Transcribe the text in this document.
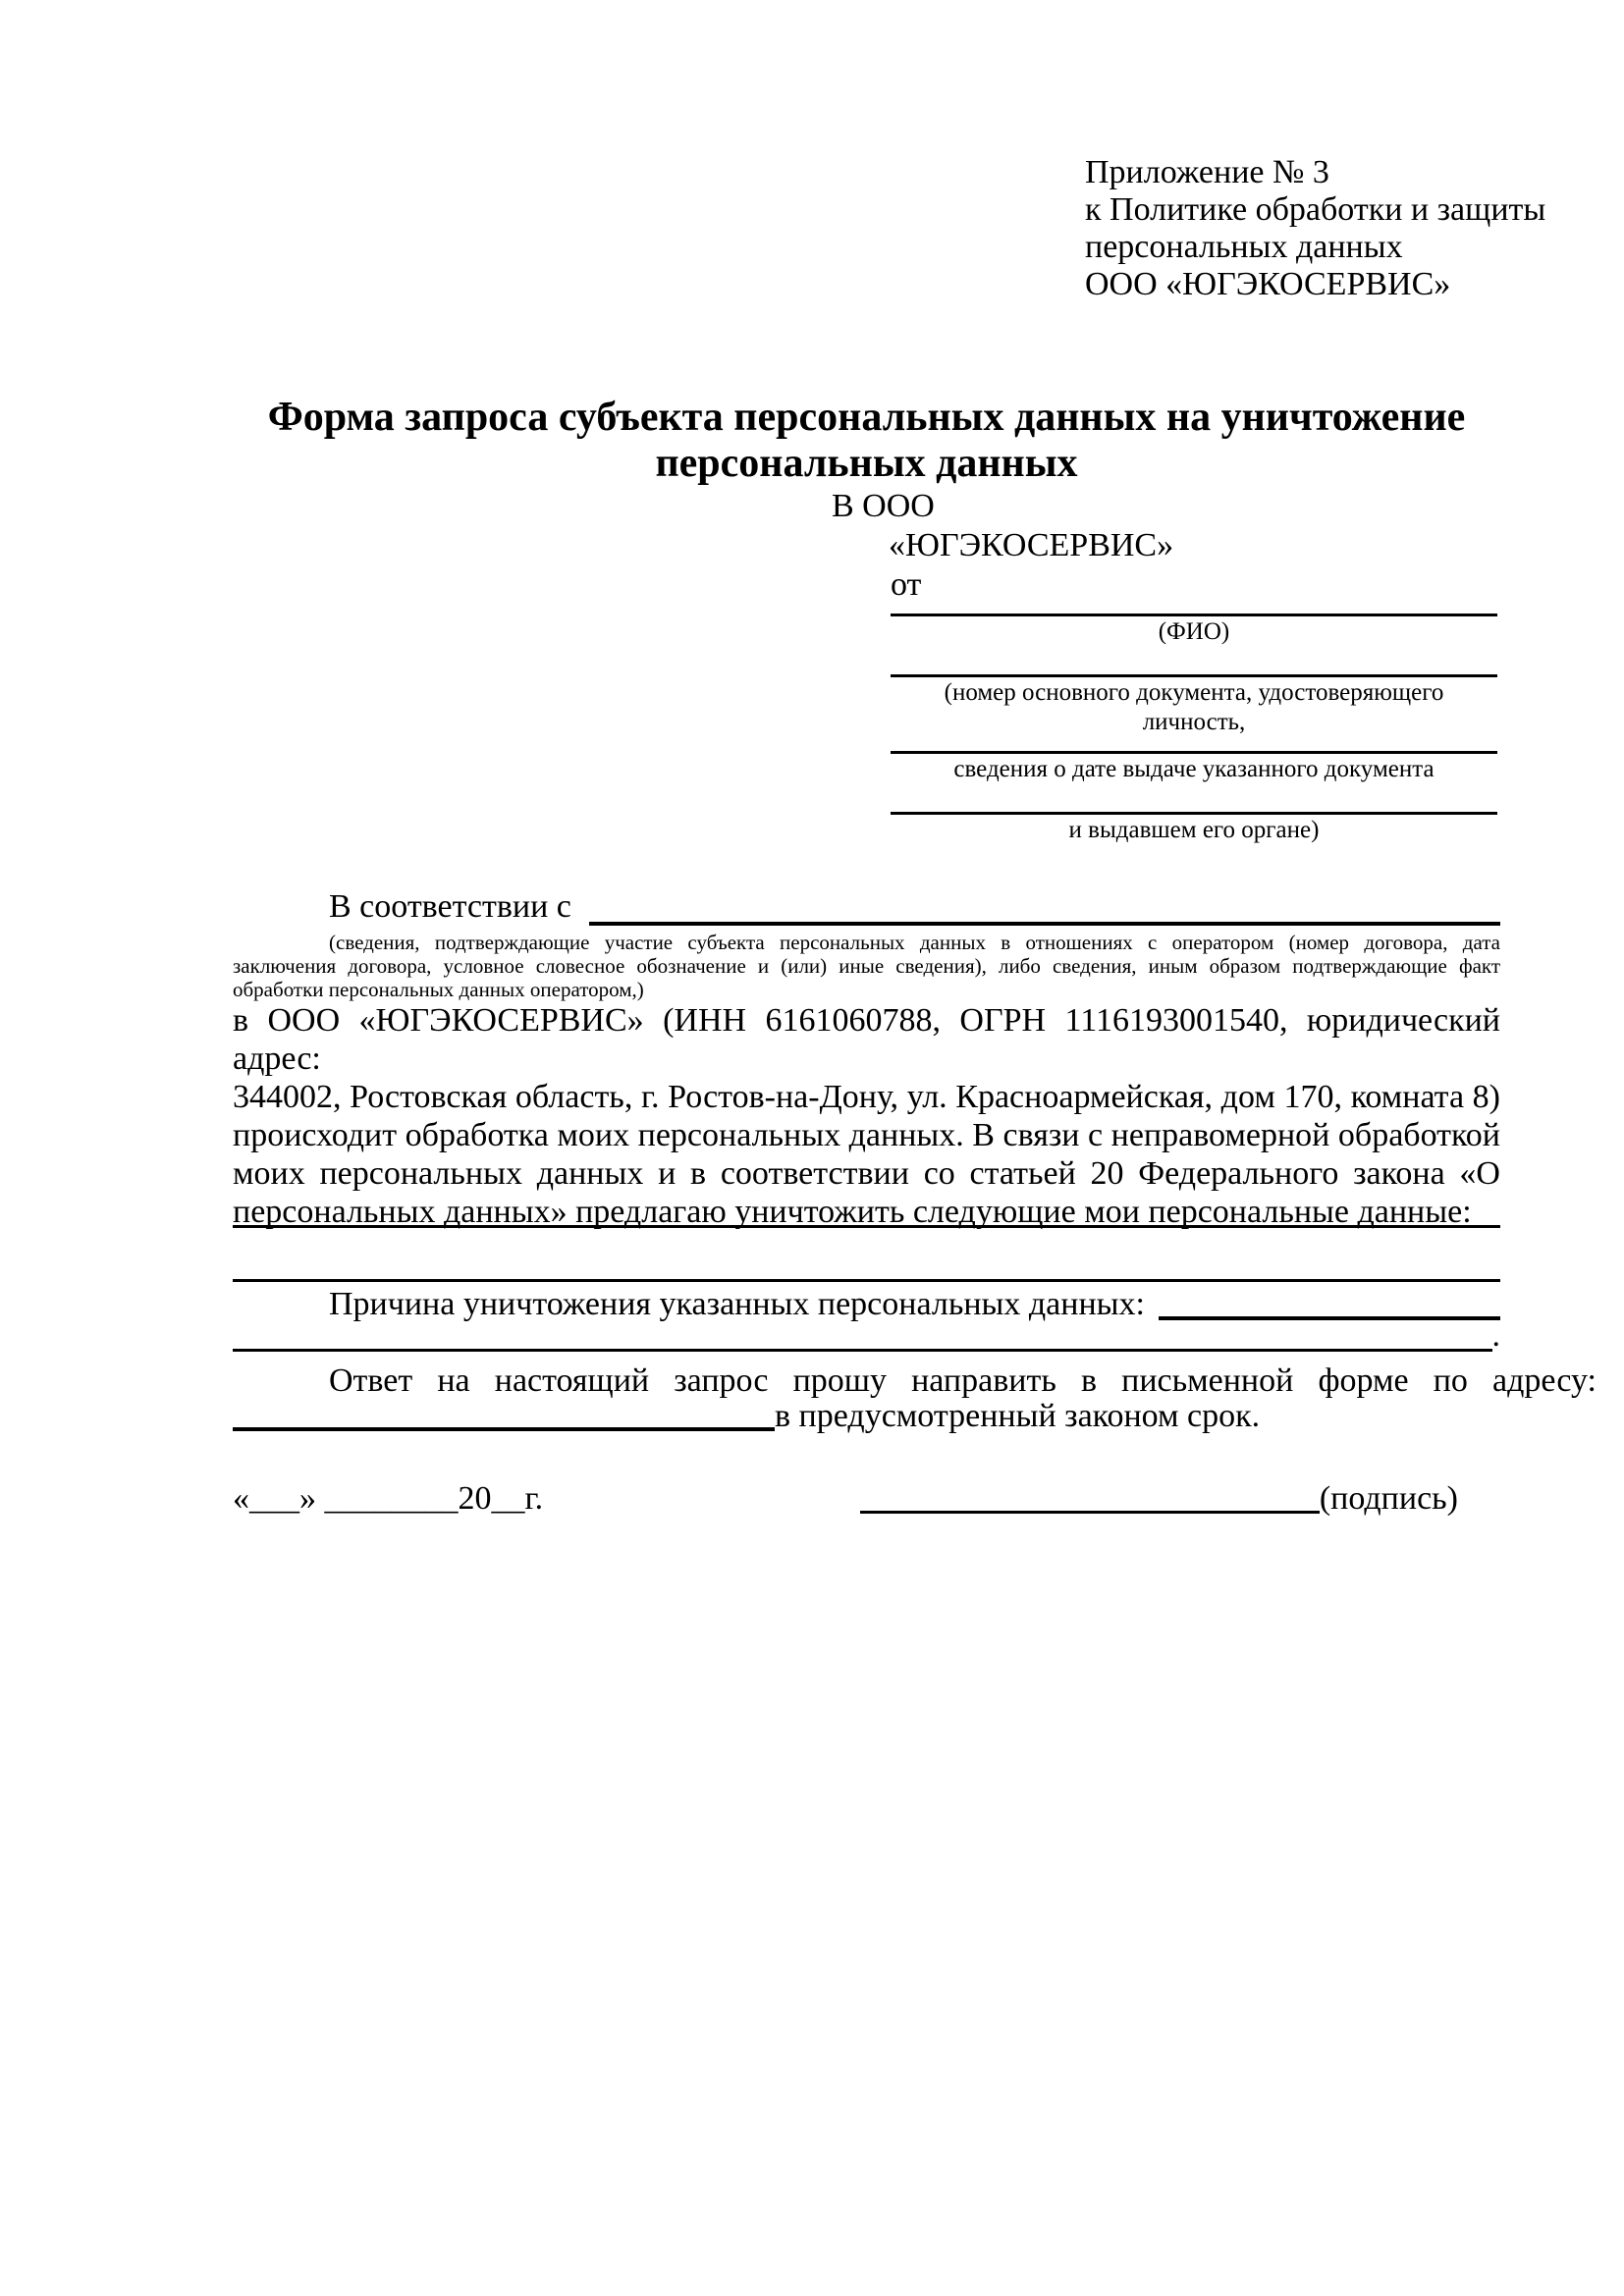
Приложение № 3
к Политике обработки и защиты
персональных данных
ООО «ЮГЭКОСЕРВИС»
Форма запроса субъекта персональных данных на уничтожение персональных данных
В ООО
«ЮГЭКОСЕРВИС»
от
(ФИО)
(номер основного документа, удостоверяющего личность,
сведения о дате выдаче указанного документа
и выдавшем его органе)
В соответствии с
(сведения, подтверждающие участие субъекта персональных данных в отношениях с оператором (номер договора, дата
заключения договора, условное словесное обозначение и (или) иные сведения), либо сведения, иным образом подтверждающие факт
обработки персональных данных оператором,)
в ООО «ЮГЭКОСЕРВИС» (ИНН 6161060788, ОГРН 1116193001540, юридический адрес:
344002, Ростовская область, г. Ростов-на-Дону, ул. Красноармейская, дом 170, комната 8)
происходит обработка моих персональных данных. В связи с неправомерной обработкой
моих персональных данных и в соответствии со статьей 20 Федерального закона «О
персональных данных» предлагаю уничтожить следующие мои персональные данные:
Причина уничтожения указанных персональных данных:
.
Ответ на настоящий запрос прошу направить в письменной форме по адресу:
в предусмотренный законом срок.
«___» ________20__г.	(подпись)
